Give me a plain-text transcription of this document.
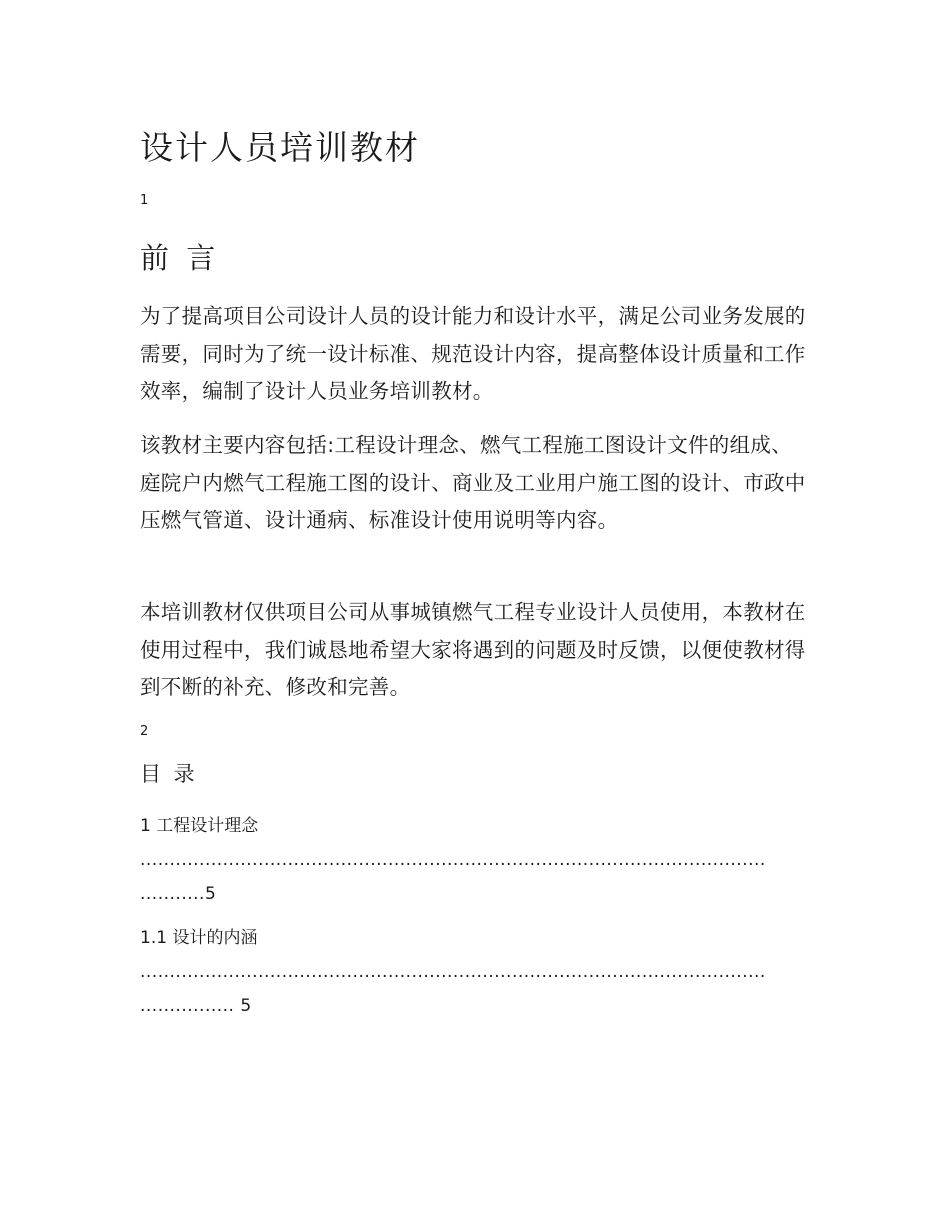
设计人员培训教材
1
前 言

为了提高项目公司设计人员的设计能力和设计水平，满足公司业务发展的需要，同时为了统一设计标准、规范设计内容，提高整体设计质量和工作效率，编制了设计人员业务培训教材。

该教材主要内容包括:工程设计理念、燃气工程施工图设计文件的组成、庭院户内燃气工程施工图的设计、商业及工业用户施工图的设计、市政中压燃气管道、设计通病、标准设计使用说明等内容。

本培训教材仅供项目公司从事城镇燃气工程专业设计人员使用，本教材在使用过程中，我们诚恳地希望大家将遇到的问题及时反馈，以便使教材得到不断的补充、修改和完善。

2
目 录
1 工程设计理念
..........................................................................................................
...........5
1.1 设计的内涵
..........................................................................................................
................ 5
